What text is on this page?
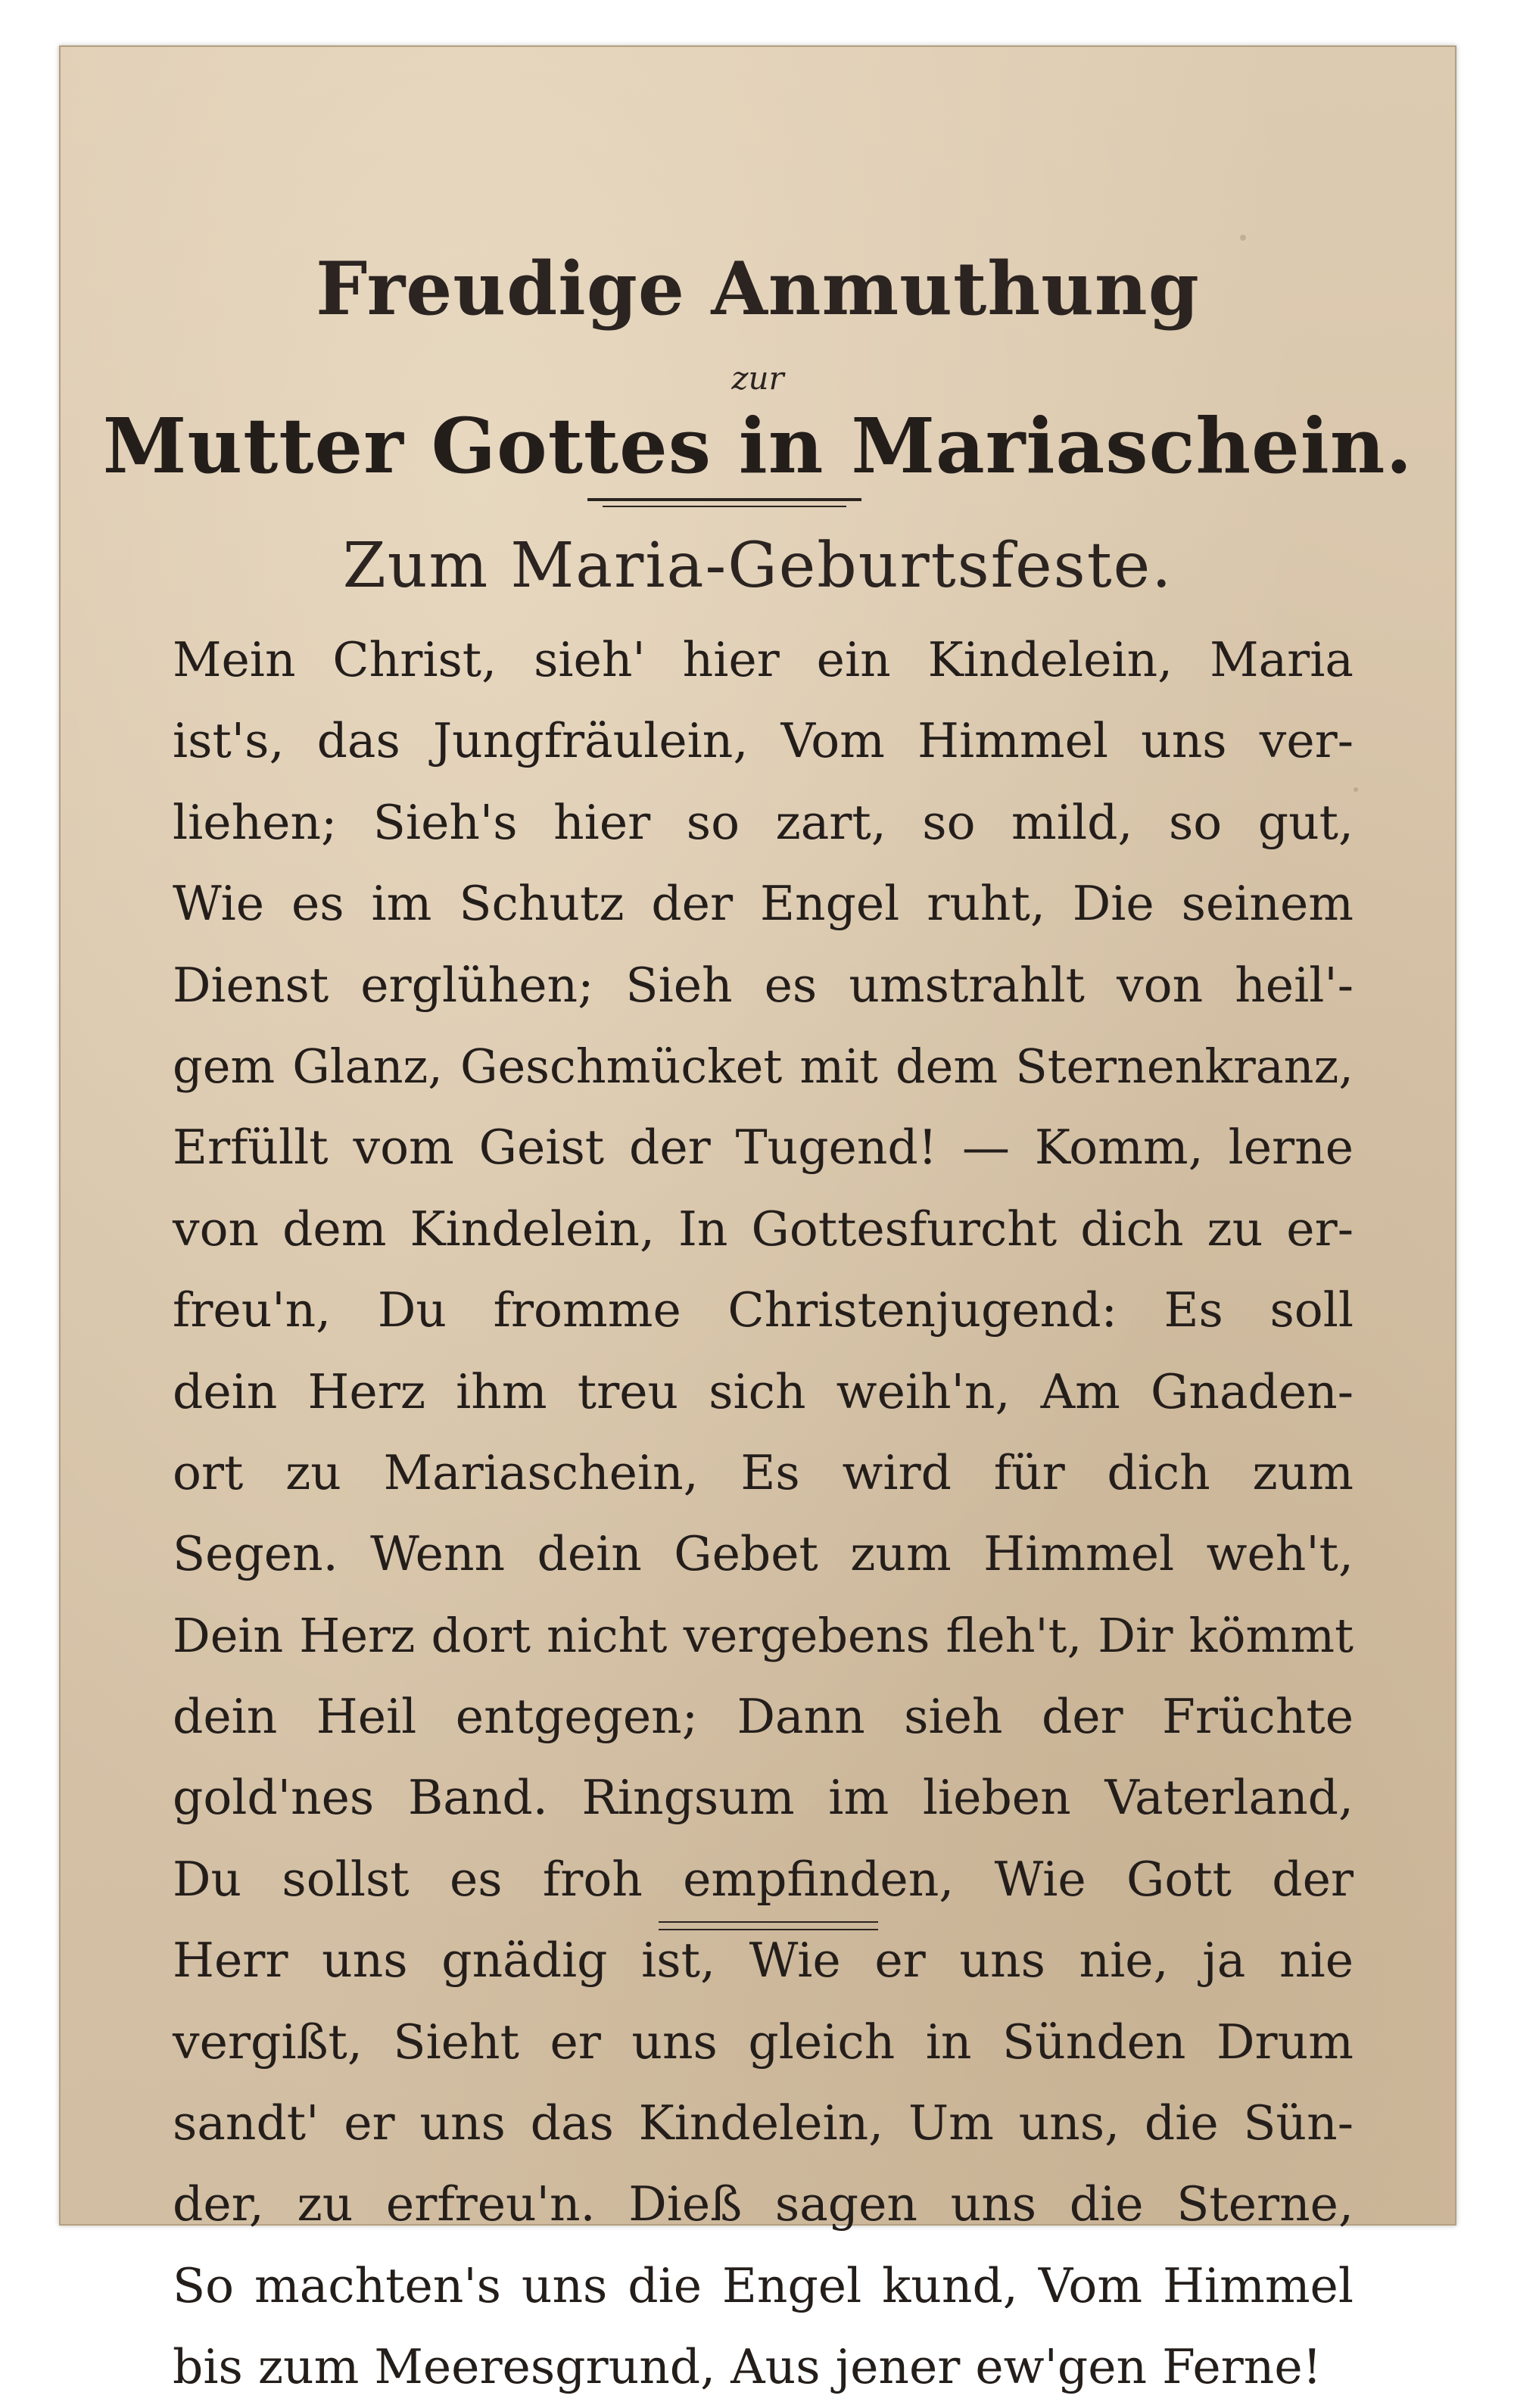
Freudige Anmuthung
zur
Mutter Gottes in Mariaschein.
Zum Maria-Geburtsfeste.
Mein Christ, sieh' hier ein Kindelein, Maria
ist's, das Jungfräulein, Vom Himmel uns ver-
liehen; Sieh's hier so zart, so mild, so gut,
Wie es im Schutz der Engel ruht, Die seinem
Dienst erglühen; Sieh es umstrahlt von heil'-
gem Glanz, Geschmücket mit dem Sternenkranz,
Erfüllt vom Geist der Tugend! — Komm, lerne
von dem Kindelein, In Gottesfurcht dich zu er-
freu'n, Du fromme Christenjugend: Es soll
dein Herz ihm treu sich weih'n, Am Gnaden-
ort zu Mariaschein, Es wird für dich zum
Segen. Wenn dein Gebet zum Himmel weh't,
Dein Herz dort nicht vergebens fleh't, Dir kömmt
dein Heil entgegen; Dann sieh der Früchte
gold'nes Band. Ringsum im lieben Vaterland,
Du sollst es froh empfinden, Wie Gott der
Herr uns gnädig ist, Wie er uns nie, ja nie
vergißt, Sieht er uns gleich in Sünden Drum
sandt' er uns das Kindelein, Um uns, die Sün-
der, zu erfreu'n. Dieß sagen uns die Sterne,
So machten's uns die Engel kund, Vom Himmel
bis zum Meeresgrund, Aus jener ew'gen Ferne!
